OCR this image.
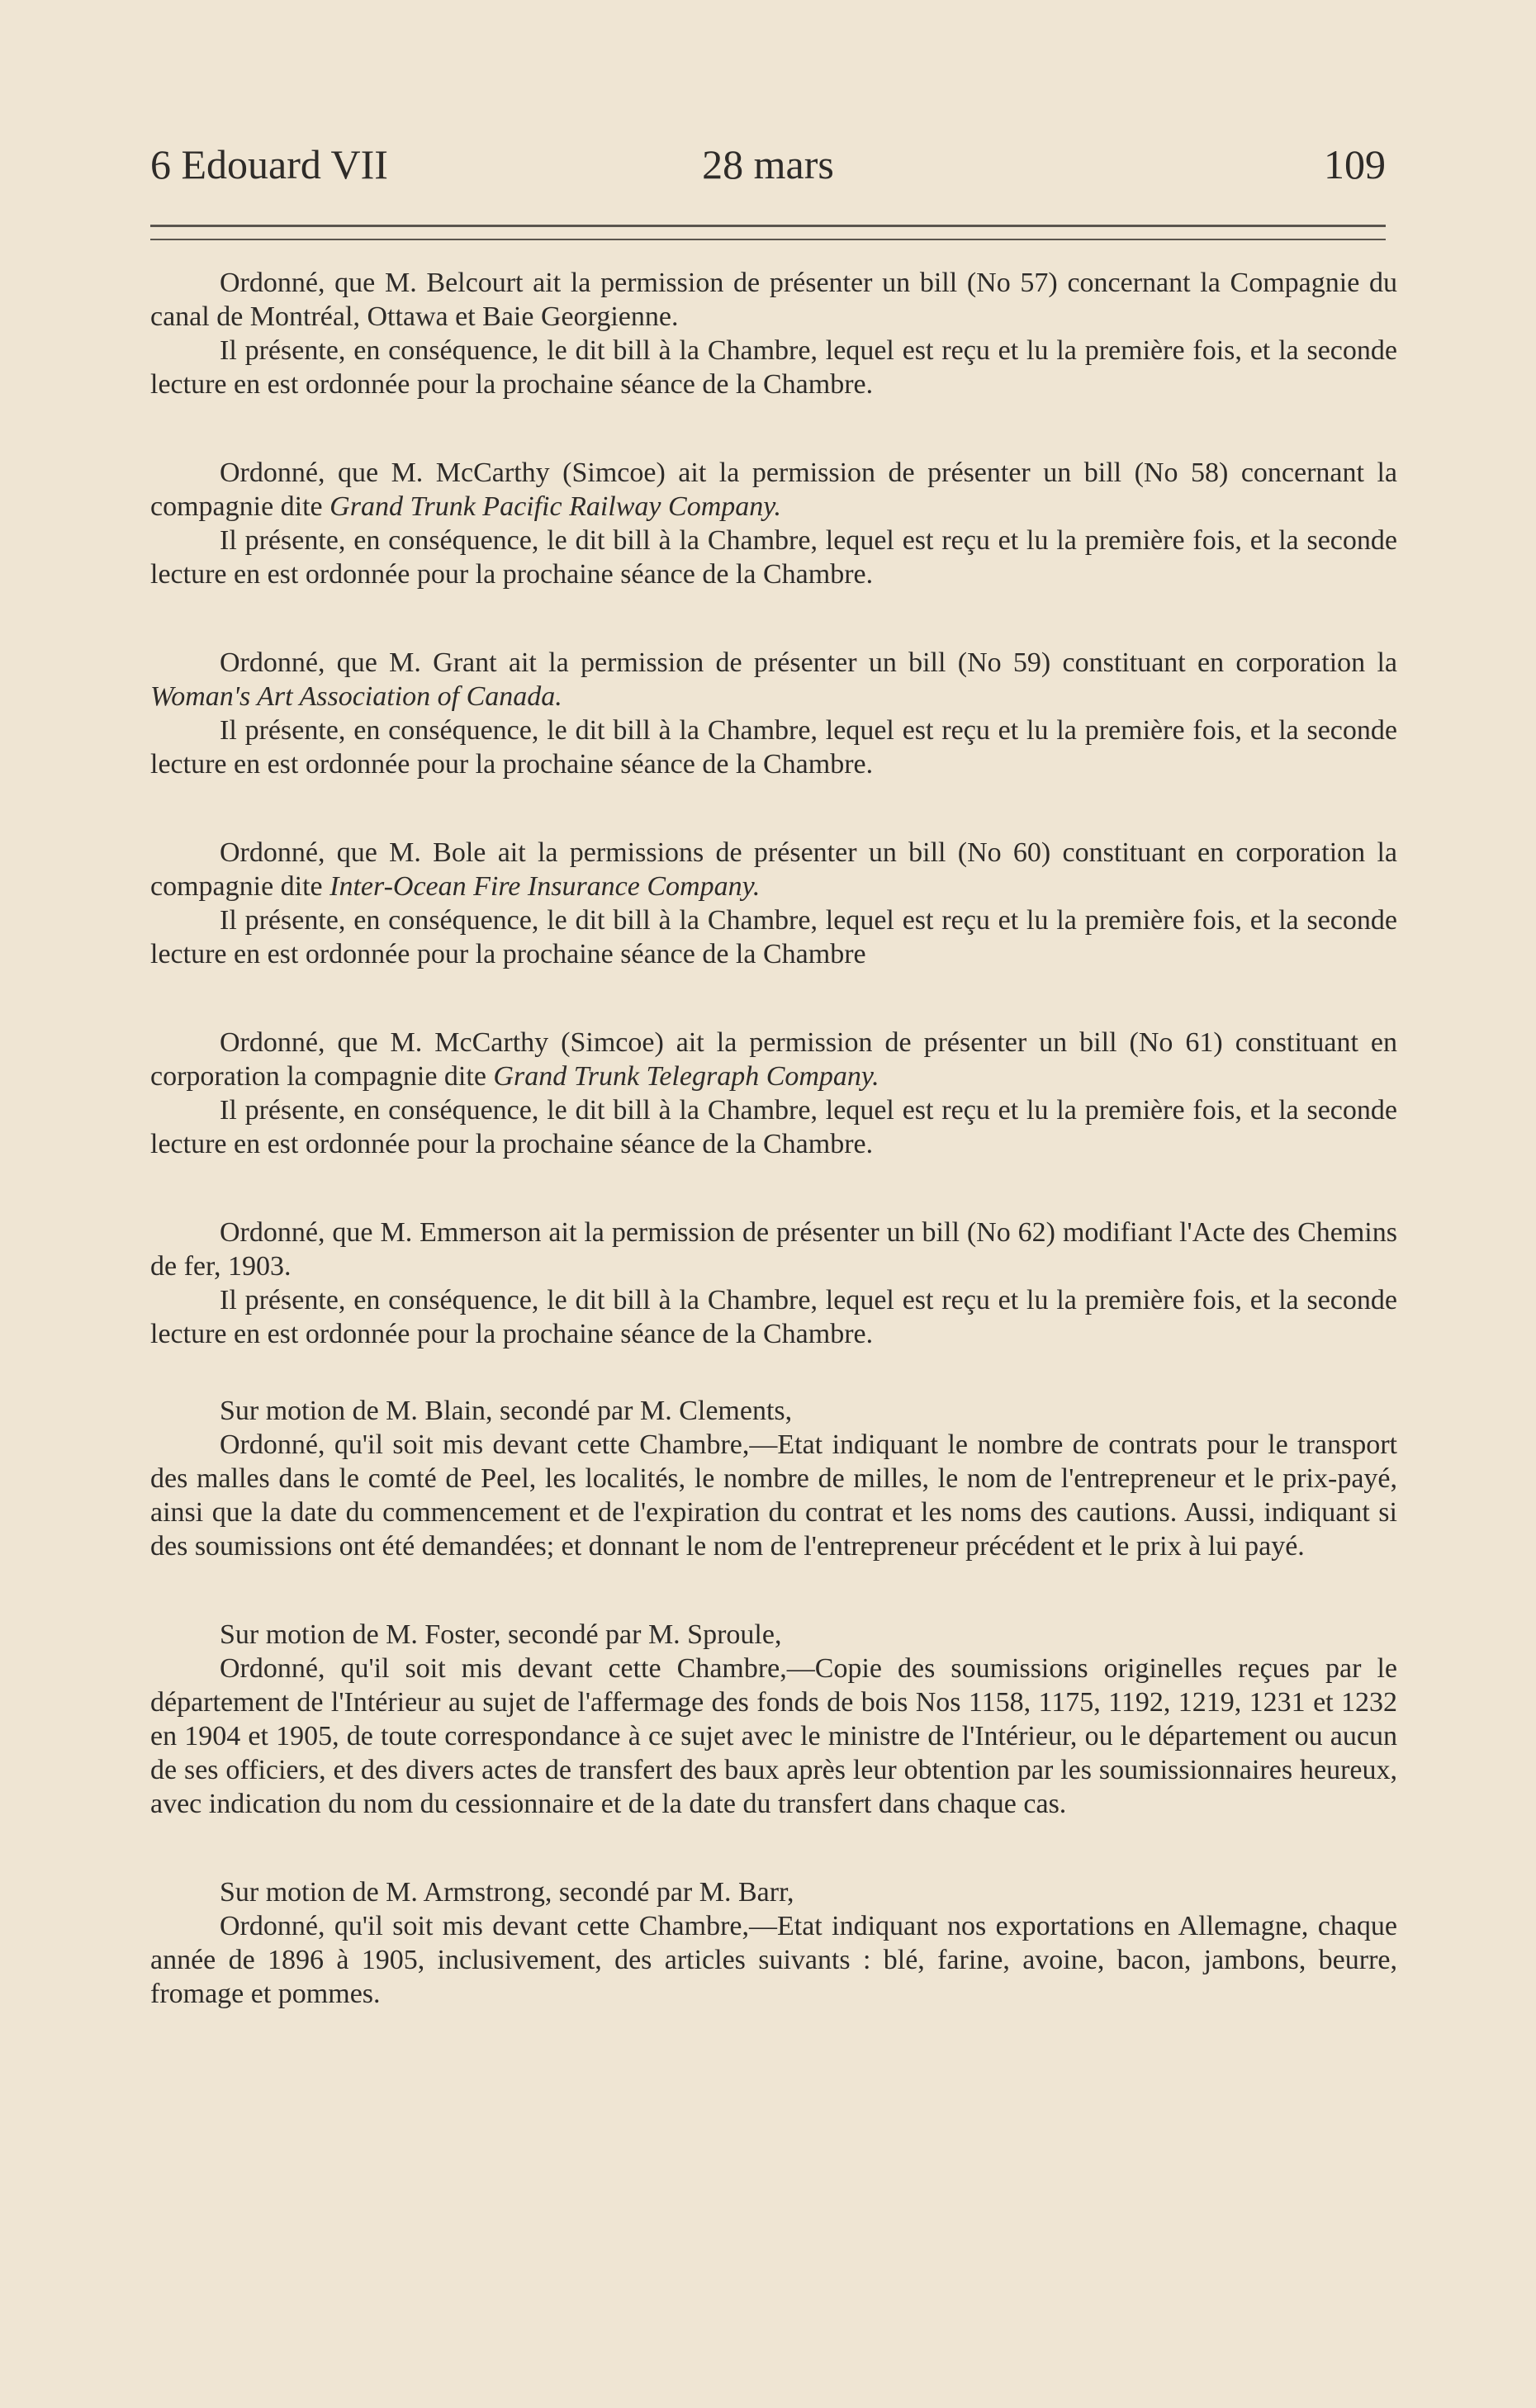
6 Edouard VII	28 mars	109

Ordonné, que M. Belcourt ait la permission de présenter un bill (No 57) concernant la Compagnie du canal de Montréal, Ottawa et Baie Georgienne.

Il présente, en conséquence, le dit bill à la Chambre, lequel est reçu et lu la première fois, et la seconde lecture en est ordonnée pour la prochaine séance de la Chambre.

Ordonné, que M. McCarthy (Simcoe) ait la permission de présenter un bill (No 58) concernant la compagnie dite Grand Trunk Pacific Railway Company.

Il présente, en conséquence, le dit bill à la Chambre, lequel est reçu et lu la première fois, et la seconde lecture en est ordonnée pour la prochaine séance de la Chambre.

Ordonné, que M. Grant ait la permission de présenter un bill (No 59) constituant en corporation la Woman's Art Association of Canada.

Il présente, en conséquence, le dit bill à la Chambre, lequel est reçu et lu la première fois, et la seconde lecture en est ordonnée pour la prochaine séance de la Chambre.

Ordonné, que M. Bole ait la permissions de présenter un bill (No 60) constituant en corporation la compagnie dite Inter-Ocean Fire Insurance Company.

Il présente, en conséquence, le dit bill à la Chambre, lequel est reçu et lu la première fois, et la seconde lecture en est ordonnée pour la prochaine séance de la Chambre

Ordonné, que M. McCarthy (Simcoe) ait la permission de présenter un bill (No 61) constituant en corporation la compagnie dite Grand Trunk Telegraph Company.

Il présente, en conséquence, le dit bill à la Chambre, lequel est reçu et lu la première fois, et la seconde lecture en est ordonnée pour la prochaine séance de la Chambre.

Ordonné, que M. Emmerson ait la permission de présenter un bill (No 62) modifiant l'Acte des Chemins de fer, 1903.

Il présente, en conséquence, le dit bill à la Chambre, lequel est reçu et lu la première fois, et la seconde lecture en est ordonnée pour la prochaine séance de la Chambre.

Sur motion de M. Blain, secondé par M. Clements,

Ordonné, qu'il soit mis devant cette Chambre,—Etat indiquant le nombre de contrats pour le transport des malles dans le comté de Peel, les localités, le nombre de milles, le nom de l'entrepreneur et le prix-payé, ainsi que la date du commencement et de l'expiration du contrat et les noms des cautions. Aussi, indiquant si des soumissions ont été demandées; et donnant le nom de l'entrepreneur précédent et le prix à lui payé.

Sur motion de M. Foster, secondé par M. Sproule,

Ordonné, qu'il soit mis devant cette Chambre,—Copie des soumissions originelles reçues par le département de l'Intérieur au sujet de l'affermage des fonds de bois Nos 1158, 1175, 1192, 1219, 1231 et 1232 en 1904 et 1905, de toute correspondance à ce sujet avec le ministre de l'Intérieur, ou le département ou aucun de ses officiers, et des divers actes de transfert des baux après leur obtention par les soumissionnaires heureux, avec indication du nom du cessionnaire et de la date du transfert dans chaque cas.

Sur motion de M. Armstrong, secondé par M. Barr,

Ordonné, qu'il soit mis devant cette Chambre,—Etat indiquant nos exportations en Allemagne, chaque année de 1896 à 1905, inclusivement, des articles suivants : blé, farine, avoine, bacon, jambons, beurre, fromage et pommes.
